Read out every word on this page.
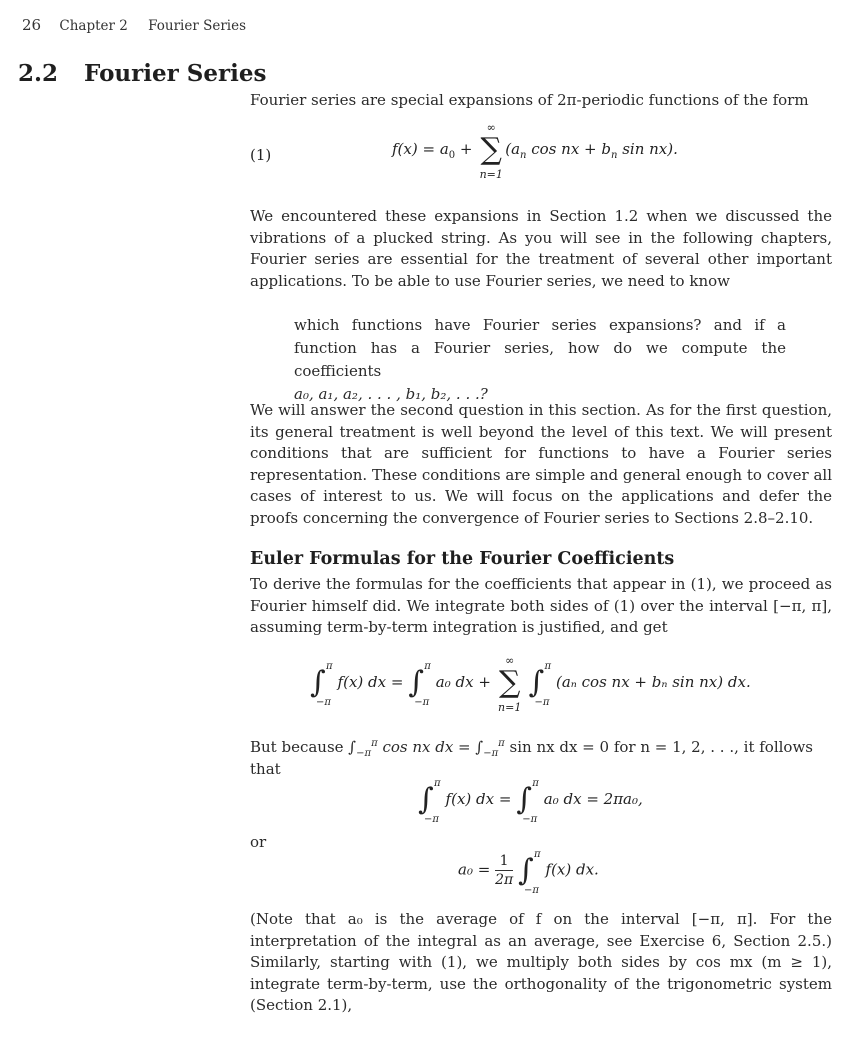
26 Chapter 2 Fourier Series
2.2 Fourier Series
Fourier series are special expansions of 2π-periodic functions of the form
(1)	$f(x) = a_0$ +
∞
∑
n=1
($a_n$ cos nx + $b_n$ sin nx).
We encountered these expansions in Section 1.2 when we discussed the vibrations of a plucked string. As you will see in the following chapters, Fourier series are essential for the treatment of several other important applications. To be able to use Fourier series, we need to know
which functions have Fourier series expansions? and if a function has a Fourier series, how do we compute the coefficients
a₀, a₁, a₂, . . . , b₁, b₂, . . .?
We will answer the second question in this section. As for the first question, its general treatment is well beyond the level of this text. We will present conditions that are sufficient for functions to have a Fourier series representation. These conditions are simple and general enough to cover all cases of interest to us. We will focus on the applications and defer the proofs concerning the convergence of Fourier series to Sections 2.8–2.10.
Euler Formulas for the Fourier Coefficients
To derive the formulas for the coefficients that appear in (1), we proceed as Fourier himself did. We integrate both sides of (1) over the interval [−π, π], assuming term-by-term integration is justified, and get
∫ π
−π
f(x) dx = ∫ π
−π
a₀ dx +
∞
∑
n=1
∫ π
−π
(aₙ cos nx + bₙ sin nx) dx.
But because $\int_{-\pi}^\pi$ cos nx dx = $\int_{-\pi}^\pi$ sin nx dx = 0 for n = 1, 2, . . ., it follows
that
∫ π
−π
f(x) dx = ∫ π
−π
a₀ dx = 2πa₀,
or
$a_0 = \frac{1}{2\pi}$ ∫ π
−π
f(x) dx.
(Note that a₀ is the average of f on the interval [−π, π]. For the interpretation of the integral as an average, see Exercise 6, Section 2.5.) Similarly, starting with (1), we multiply both sides by cos mx (m ≥ 1), integrate term-by-term, use the orthogonality of the trigonometric system (Section 2.1),
